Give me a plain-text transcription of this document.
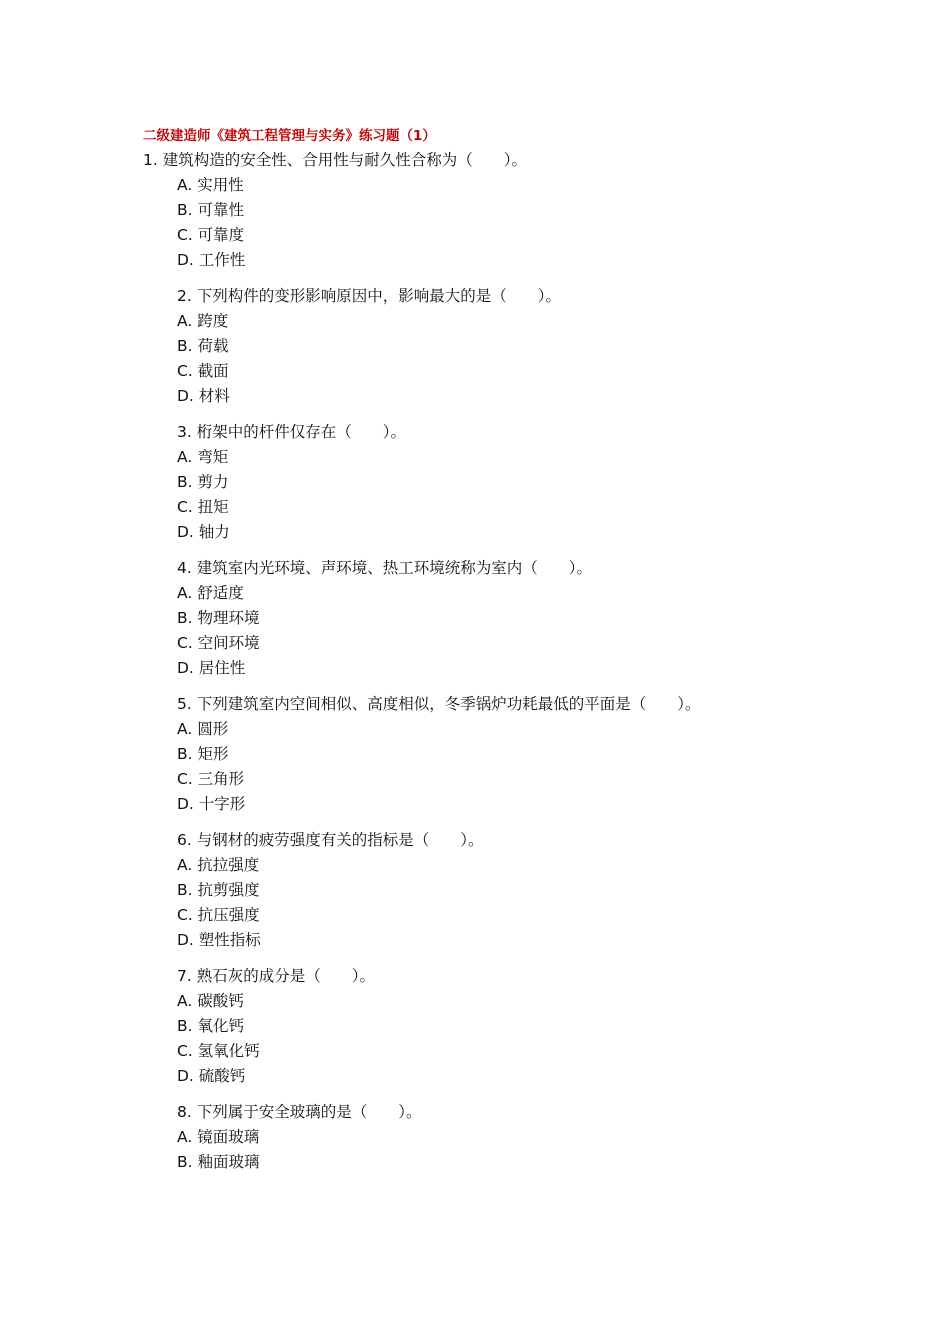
二级建造师《建筑工程管理与实务》练习题（1）
1. 建筑构造的安全性、合用性与耐久性合称为（　　）。
A. 实用性
B. 可靠性
C. 可靠度
D. 工作性
2. 下列构件的变形影响原因中，影响最大的是（　　）。
A. 跨度
B. 荷载
C. 截面
D. 材料
3. 桁架中的杆件仅存在（　　）。
A. 弯矩
B. 剪力
C. 扭矩
D. 轴力
4. 建筑室内光环境、声环境、热工环境统称为室内（　　）。
A. 舒适度
B. 物理环境
C. 空间环境
D. 居住性
5. 下列建筑室内空间相似、高度相似，冬季锅炉功耗最低的平面是（　　）。
A. 圆形
B. 矩形
C. 三角形
D. 十字形
6. 与钢材的疲劳强度有关的指标是（　　）。
A. 抗拉强度
B. 抗剪强度
C. 抗压强度
D. 塑性指标
7. 熟石灰的成分是（　　）。
A. 碳酸钙
B. 氧化钙
C. 氢氧化钙
D. 硫酸钙
8. 下列属于安全玻璃的是（　　）。
A. 镜面玻璃
B. 釉面玻璃
